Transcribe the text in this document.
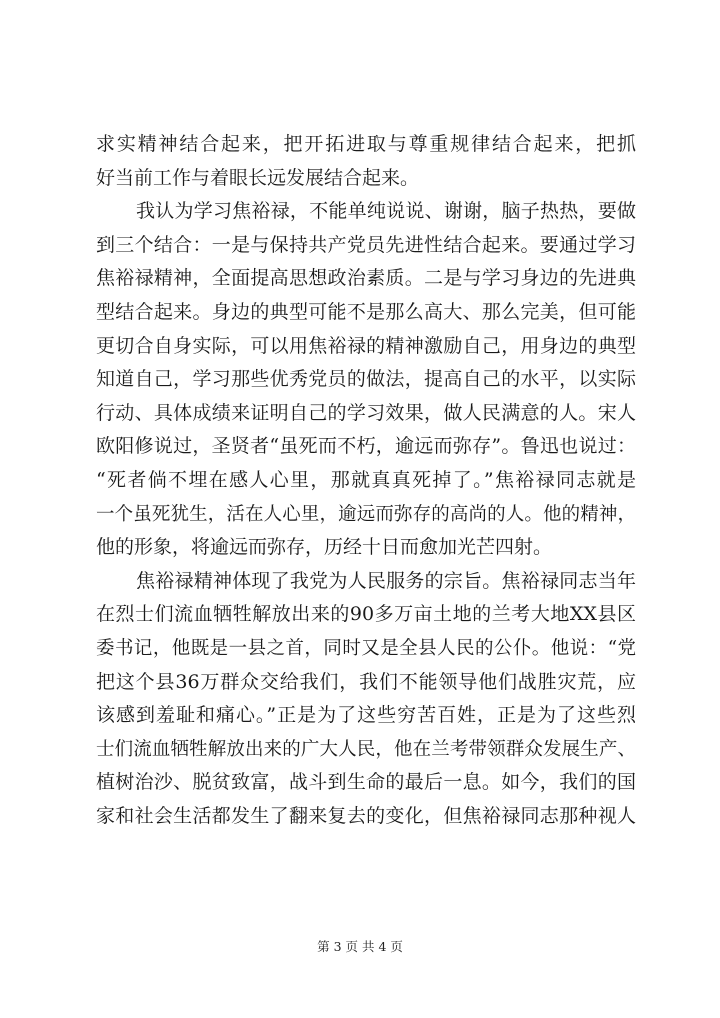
求实精神结合起来，把开拓进取与尊重规律结合起来，把抓
好当前工作与着眼长远发展结合起来。
我认为学习焦裕禄，不能单纯说说、谢谢，脑子热热，要做
到三个结合：一是与保持共产党员先进性结合起来。要通过学习
焦裕禄精神，全面提高思想政治素质。二是与学习身边的先进典
型结合起来。身边的典型可能不是那么高大、那么完美，但可能
更切合自身实际，可以用焦裕禄的精神激励自己，用身边的典型
知道自己，学习那些优秀党员的做法，提高自己的水平，以实际
行动、具体成绩来证明自己的学习效果，做人民满意的人。宋人
欧阳修说过，圣贤者“虽死而不朽，逾远而弥存”。鲁迅也说过：
“死者倘不埋在感人心里，那就真真死掉了。”焦裕禄同志就是
一个虽死犹生，活在人心里，逾远而弥存的高尚的人。他的精神，
他的形象，将逾远而弥存，历经十日而愈加光芒四射。
焦裕禄精神体现了我党为人民服务的宗旨。焦裕禄同志当年
在烈士们流血牺牲解放出来的90多万亩土地的兰考大地XX县区
委书记，他既是一县之首，同时又是全县人民的公仆。他说：“党
把这个县36万群众交给我们，我们不能领导他们战胜灾荒，应
该感到羞耻和痛心。”正是为了这些穷苦百姓，正是为了这些烈
士们流血牺牲解放出来的广大人民，他在兰考带领群众发展生产、
植树治沙、脱贫致富，战斗到生命的最后一息。如今，我们的国
家和社会生活都发生了翻来复去的变化，但焦裕禄同志那种视人
第 3 页 共 4 页
